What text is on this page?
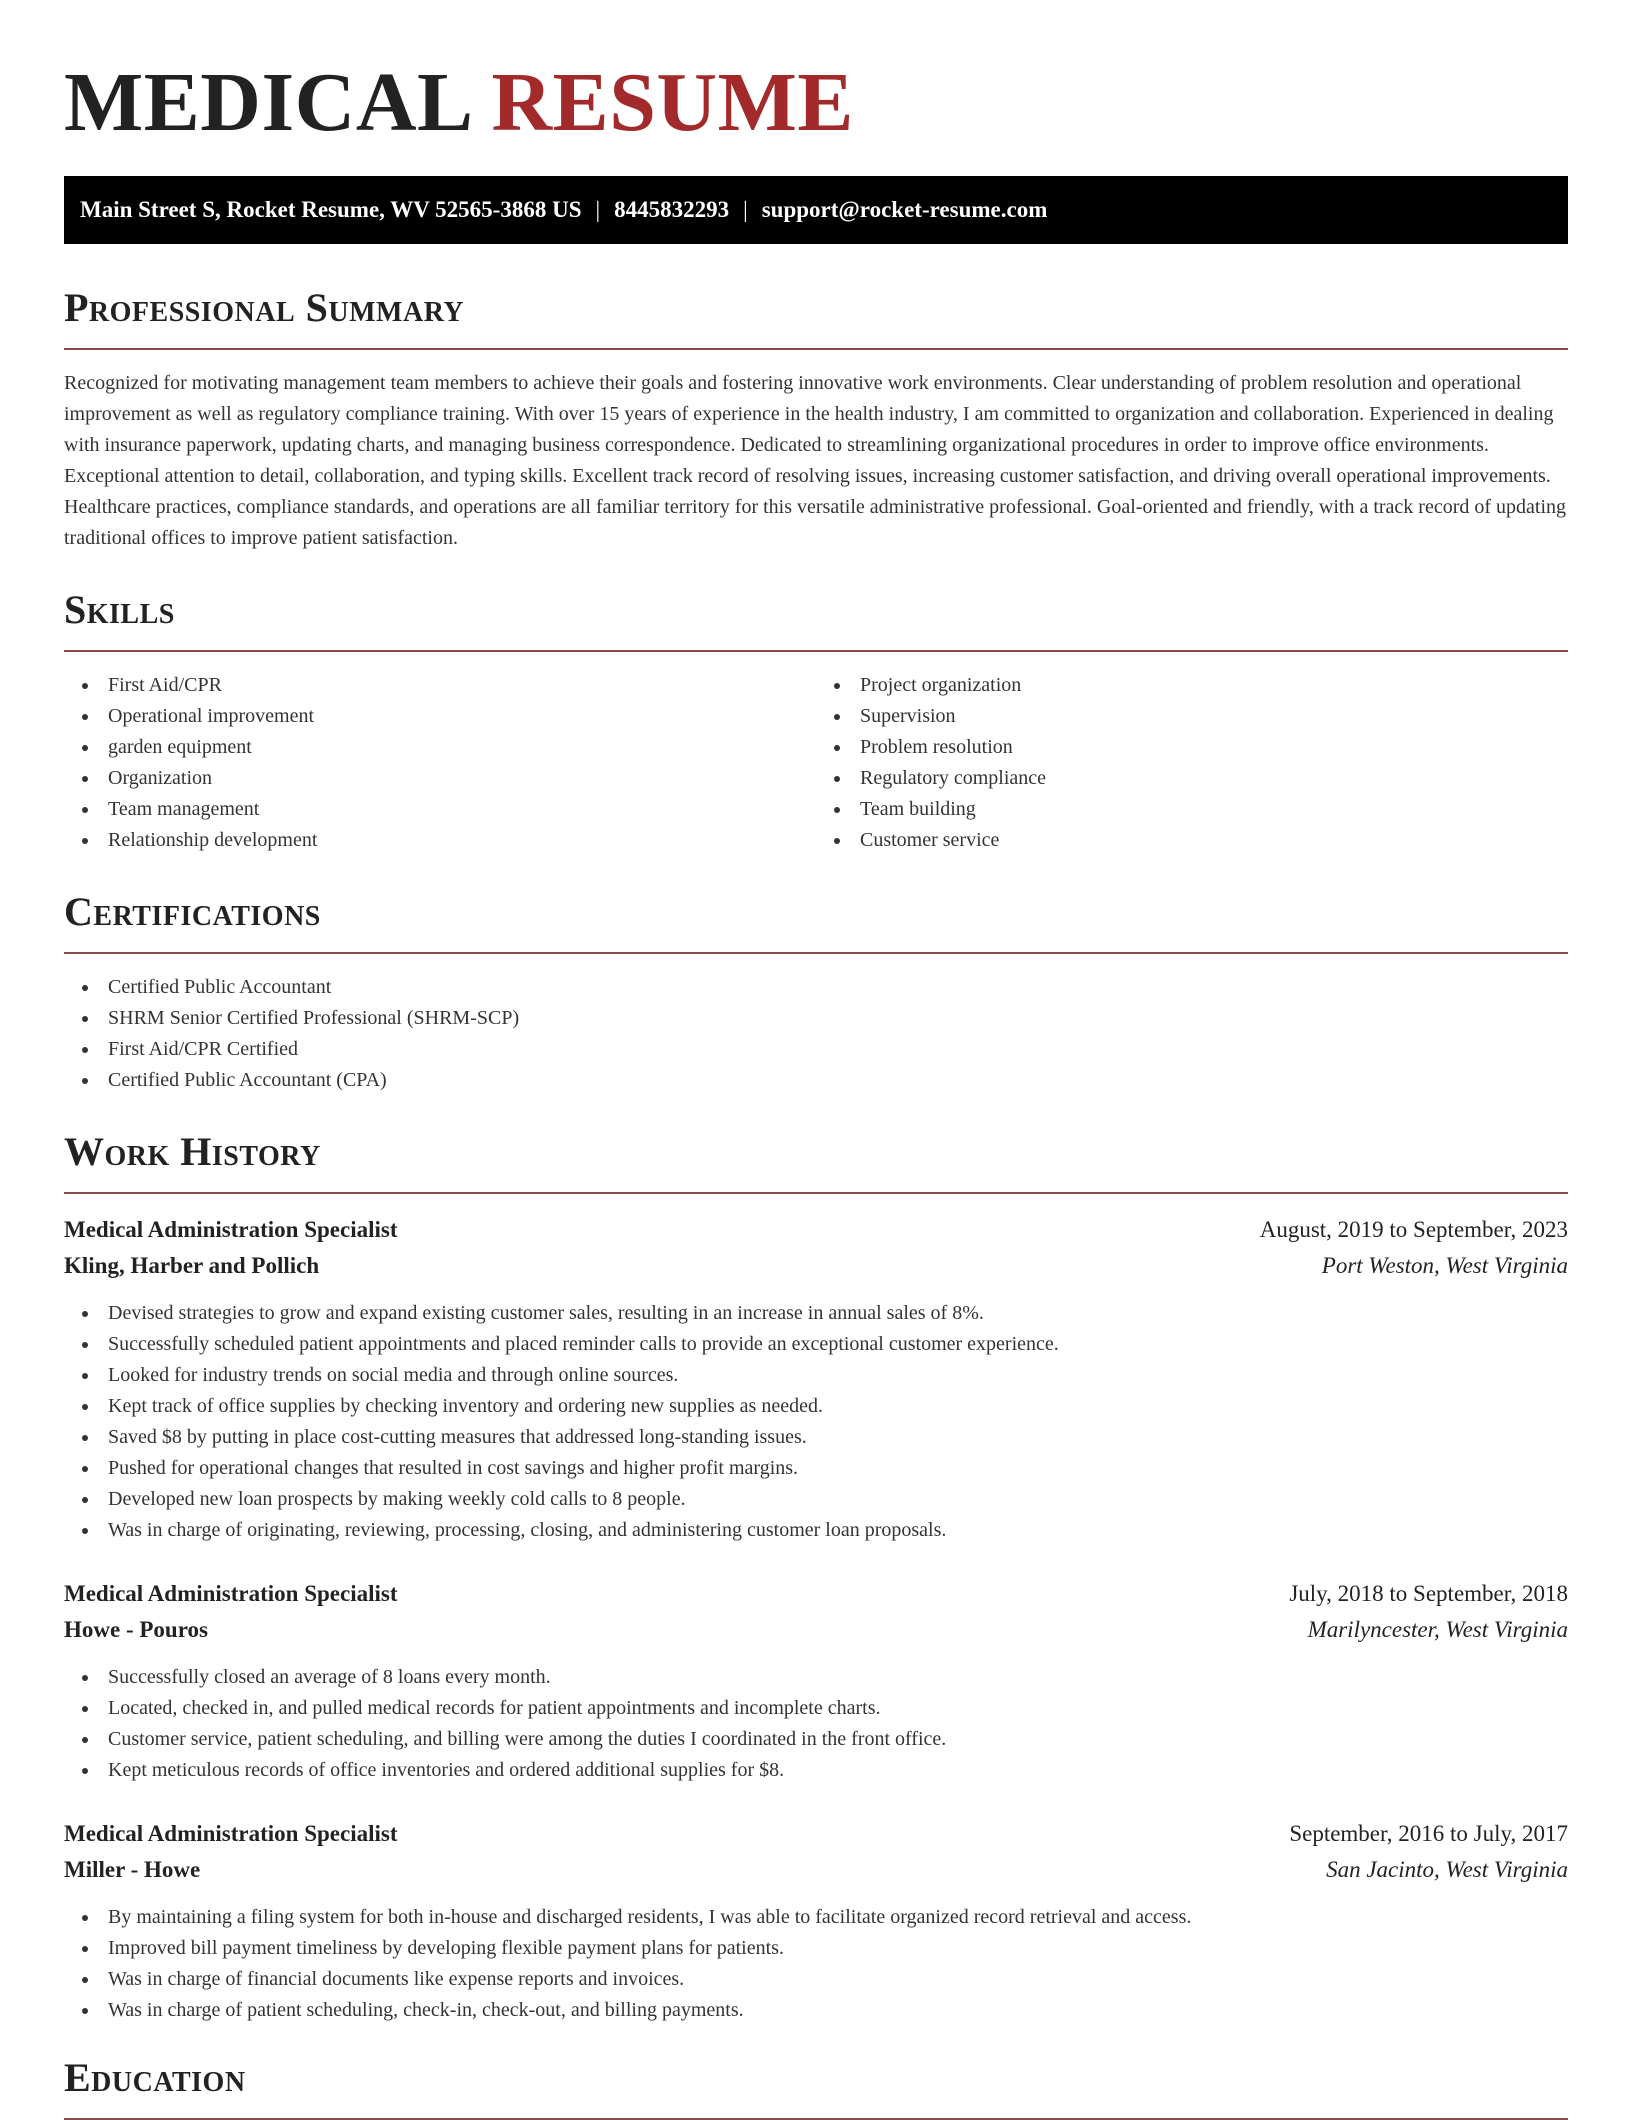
MEDICAL RESUME
Main Street S, Rocket Resume, WV 52565-3868 US | 8445832293 | support@rocket-resume.com
Professional Summary

Recognized for motivating management team members to achieve their goals and fostering innovative work environments. Clear understanding of problem resolution and operational improvement as well as regulatory compliance training. With over 15 years of experience in the health industry, I am committed to organization and collaboration. Experienced in dealing with insurance paperwork, updating charts, and managing business correspondence. Dedicated to streamlining organizational procedures in order to improve office environments. Exceptional attention to detail, collaboration, and typing skills. Excellent track record of resolving issues, increasing customer satisfaction, and driving overall operational improvements. Healthcare practices, compliance standards, and operations are all familiar territory for this versatile administrative professional. Goal-oriented and friendly, with a track record of updating traditional offices to improve patient satisfaction.

Skills
First Aid/CPR
Operational improvement
garden equipment
Organization
Team management
Relationship development
Project organization
Supervision
Problem resolution
Regulatory compliance
Team building
Customer service
Certifications
Certified Public Accountant
SHRM Senior Certified Professional (SHRM-SCP)
First Aid/CPR Certified
Certified Public Accountant (CPA)
Work History
Medical Administration Specialist	August, 2019 to September, 2023
Kling, Harber and Pollich	Port Weston, West Virginia
Devised strategies to grow and expand existing customer sales, resulting in an increase in annual sales of 8%.
Successfully scheduled patient appointments and placed reminder calls to provide an exceptional customer experience.
Looked for industry trends on social media and through online sources.
Kept track of office supplies by checking inventory and ordering new supplies as needed.
Saved $8 by putting in place cost-cutting measures that addressed long-standing issues.
Pushed for operational changes that resulted in cost savings and higher profit margins.
Developed new loan prospects by making weekly cold calls to 8 people.
Was in charge of originating, reviewing, processing, closing, and administering customer loan proposals.
Medical Administration Specialist	July, 2018 to September, 2018
Howe - Pouros	Marilyncester, West Virginia
Successfully closed an average of 8 loans every month.
Located, checked in, and pulled medical records for patient appointments and incomplete charts.
Customer service, patient scheduling, and billing were among the duties I coordinated in the front office.
Kept meticulous records of office inventories and ordered additional supplies for $8.
Medical Administration Specialist	September, 2016 to July, 2017
Miller - Howe	San Jacinto, West Virginia
By maintaining a filing system for both in-house and discharged residents, I was able to facilitate organized record retrieval and access.
Improved bill payment timeliness by developing flexible payment plans for patients.
Was in charge of financial documents like expense reports and invoices.
Was in charge of patient scheduling, check-in, check-out, and billing payments.
Education
